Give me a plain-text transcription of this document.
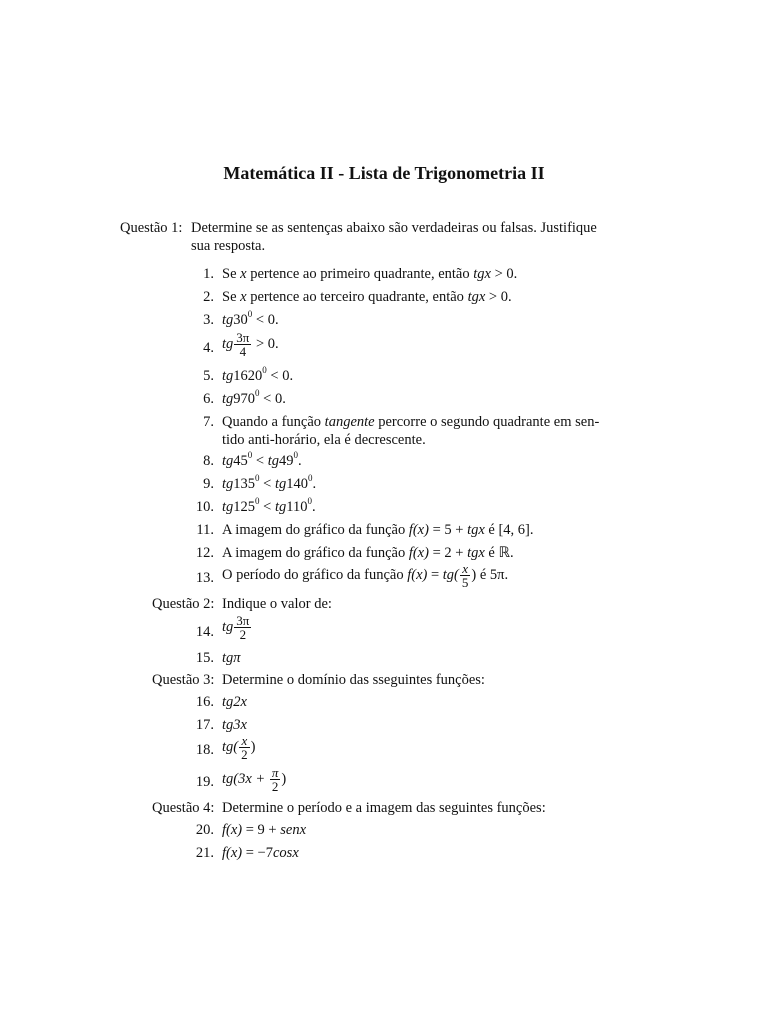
Matemática II - Lista de Trigonometria II
Questão 1: Determine se as sentenças abaixo são verdadeiras ou falsas. Justifique
sua resposta.
1. Se x pertence ao primeiro quadrante, então tgx > 0.
2. Se x pertence ao terceiro quadrante, então tgx > 0.
3. $tg30^0 < 0$.
4. tg $\frac{3\pi}{4} > 0$.
5. $tg1620^0 < 0$.
6. $tg970^0 < 0$.
7. Quando a função tangente percorre o segundo quadrante em sen-
tido anti-horário, ela é decrescente.
8. $tg45^0 < tg49^0$.
9. $tg135^0 < tg140^0$.
10. $tg125^0 < tg110^0$.
11. A imagem do gráfico da função f(x) = 5 + tgx é [4, 6].
12. A imagem do gráfico da função f(x) = 2 + tgx é ℝ.
13. O período do gráfico da função $f(x) = tg( \frac{x}{5}$ ) é 5π.
Questão 2: Indique o valor de:
14. tg $\frac{3\pi}{2}$
15. tgπ
Questão 3: Determine o domínio das sseguintes funções:
16. tg2x
17. tg3x
18. $tg( \frac{x}{2}$ )
19. $tg(3x + \frac{\pi}{2}$ )
Questão 4: Determine o período e a imagem das seguintes funções:
20. f(x) = 9 + senx
21. f(x) = −7cosx
